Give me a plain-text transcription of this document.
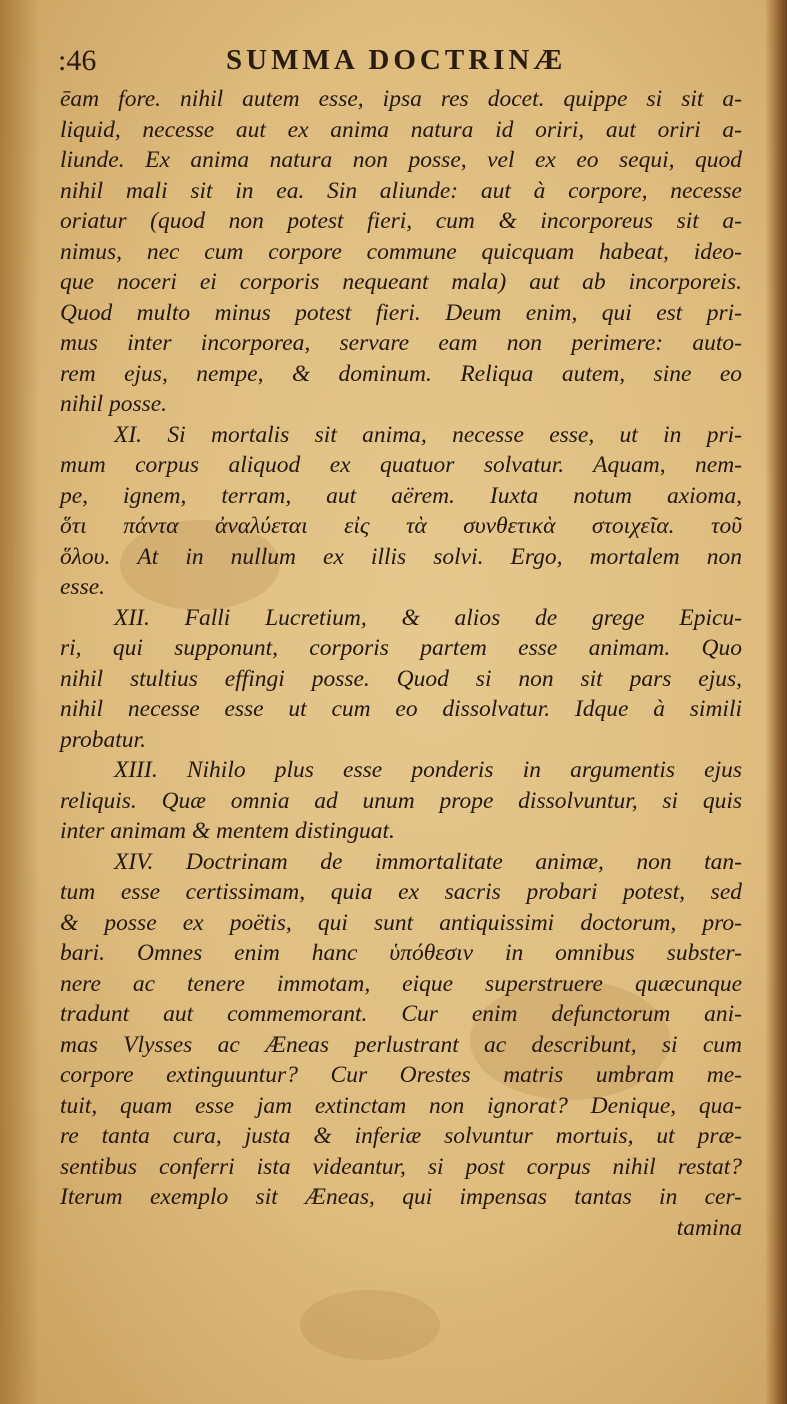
:46	SUMMA DOCTRINÆ
ēam fore. nihil autem esse, ipsa res docet. quippe si sit a-
liquid, necesse aut ex anima natura id oriri, aut oriri a-
liunde. Ex anima natura non posse, vel ex eo sequi, quod
nihil mali sit in ea. Sin aliunde: aut à corpore, necesse
oriatur (quod non potest fieri, cum & incorporeus sit a-
nimus, nec cum corpore commune quicquam habeat, ideo-
que noceri ei corporis nequeant mala) aut ab incorporeis.
Quod multo minus potest fieri. Deum enim, qui est pri-
mus inter incorporea, servare eam non perimere: auto-
rem ejus, nempe, & dominum. Reliqua autem, sine eo
nihil posse.
XI. Si mortalis sit anima, necesse esse, ut in pri-
mum corpus aliquod ex quatuor solvatur. Aquam, nem-
pe, ignem, terram, aut aërem. Iuxta notum axioma,
ὅτι πάντα ἀναλύεται εἰς τὰ συνθετικὰ στοιχεῖα. τοῦ
ὅλου. At in nullum ex illis solvi. Ergo, mortalem non
esse.
XII. Falli Lucretium, & alios de grege Epicu-
ri, qui supponunt, corporis partem esse animam. Quo
nihil stultius effingi posse. Quod si non sit pars ejus,
nihil necesse esse ut cum eo dissolvatur. Idque à simili
probatur.
XIII. Nihilo plus esse ponderis in argumentis ejus
reliquis. Quæ omnia ad unum prope dissolvuntur, si quis
inter animam & mentem distinguat.
XIV. Doctrinam de immortalitate animæ, non tan-
tum esse certissimam, quia ex sacris probari potest, sed
& posse ex poëtis, qui sunt antiquissimi doctorum, pro-
bari. Omnes enim hanc ὑπόθεσιν in omnibus subster-
nere ac tenere immotam, eique superstruere quæcunque
tradunt aut commemorant. Cur enim defunctorum ani-
mas Vlysses ac Æneas perlustrant ac describunt, si cum
corpore extinguuntur? Cur Orestes matris umbram me-
tuit, quam esse jam extinctam non ignorat? Denique, qua-
re tanta cura, justa & inferiæ solvuntur mortuis, ut præ-
sentibus conferri ista videantur, si post corpus nihil restat?
Iterum exemplo sit Æneas, qui impensas tantas in cer-
tamina
